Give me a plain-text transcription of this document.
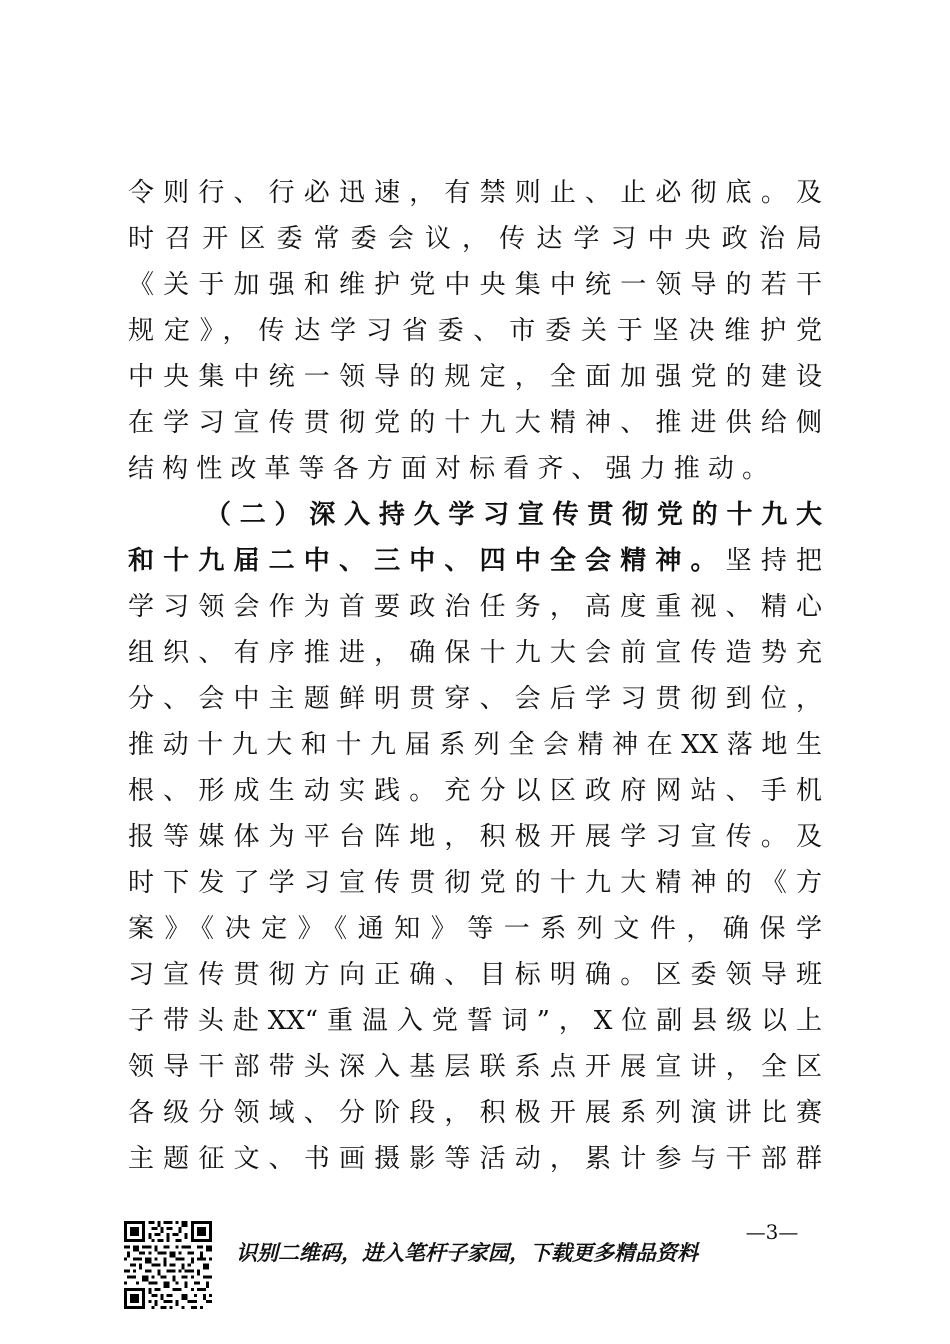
令则行、行必迅速，有禁则止、止必彻底。及
时召开区委常委会议，传达学习中央政治局
《关于加强和维护党中央集中统一领导的若干
规定》，传达学习省委、市委关于坚决维护党
中央集中统一领导的规定，全面加强党的建设
在学习宣传贯彻党的十九大精神、推进供给侧
结构性改革等各方面对标看齐、强力推动。
（二）深入持久学习宣传贯彻党的十九大
和十九届二中、三中、四中全会精神。坚持把
学习领会作为首要政治任务，高度重视、精心
组织、有序推进，确保十九大会前宣传造势充
分、会中主题鲜明贯穿、会后学习贯彻到位，
推动十九大和十九届系列全会精神在XX落地生
根、形成生动实践。充分以区政府网站、手机
报等媒体为平台阵地，积极开展学习宣传。及
时下发了学习宣传贯彻党的十九大精神的《方
案》《决定》《通知》等一系列文件，确保学
习宣传贯彻方向正确、目标明确。区委领导班
子带头赴XX“重温入党誓词”，X位副县级以上
领导干部带头深入基层联系点开展宣讲，全区
各级分领域、分阶段，积极开展系列演讲比赛
主题征文、书画摄影等活动，累计参与干部群
识别二维码，进入笔杆子家园，下载更多精品资料
—3—
